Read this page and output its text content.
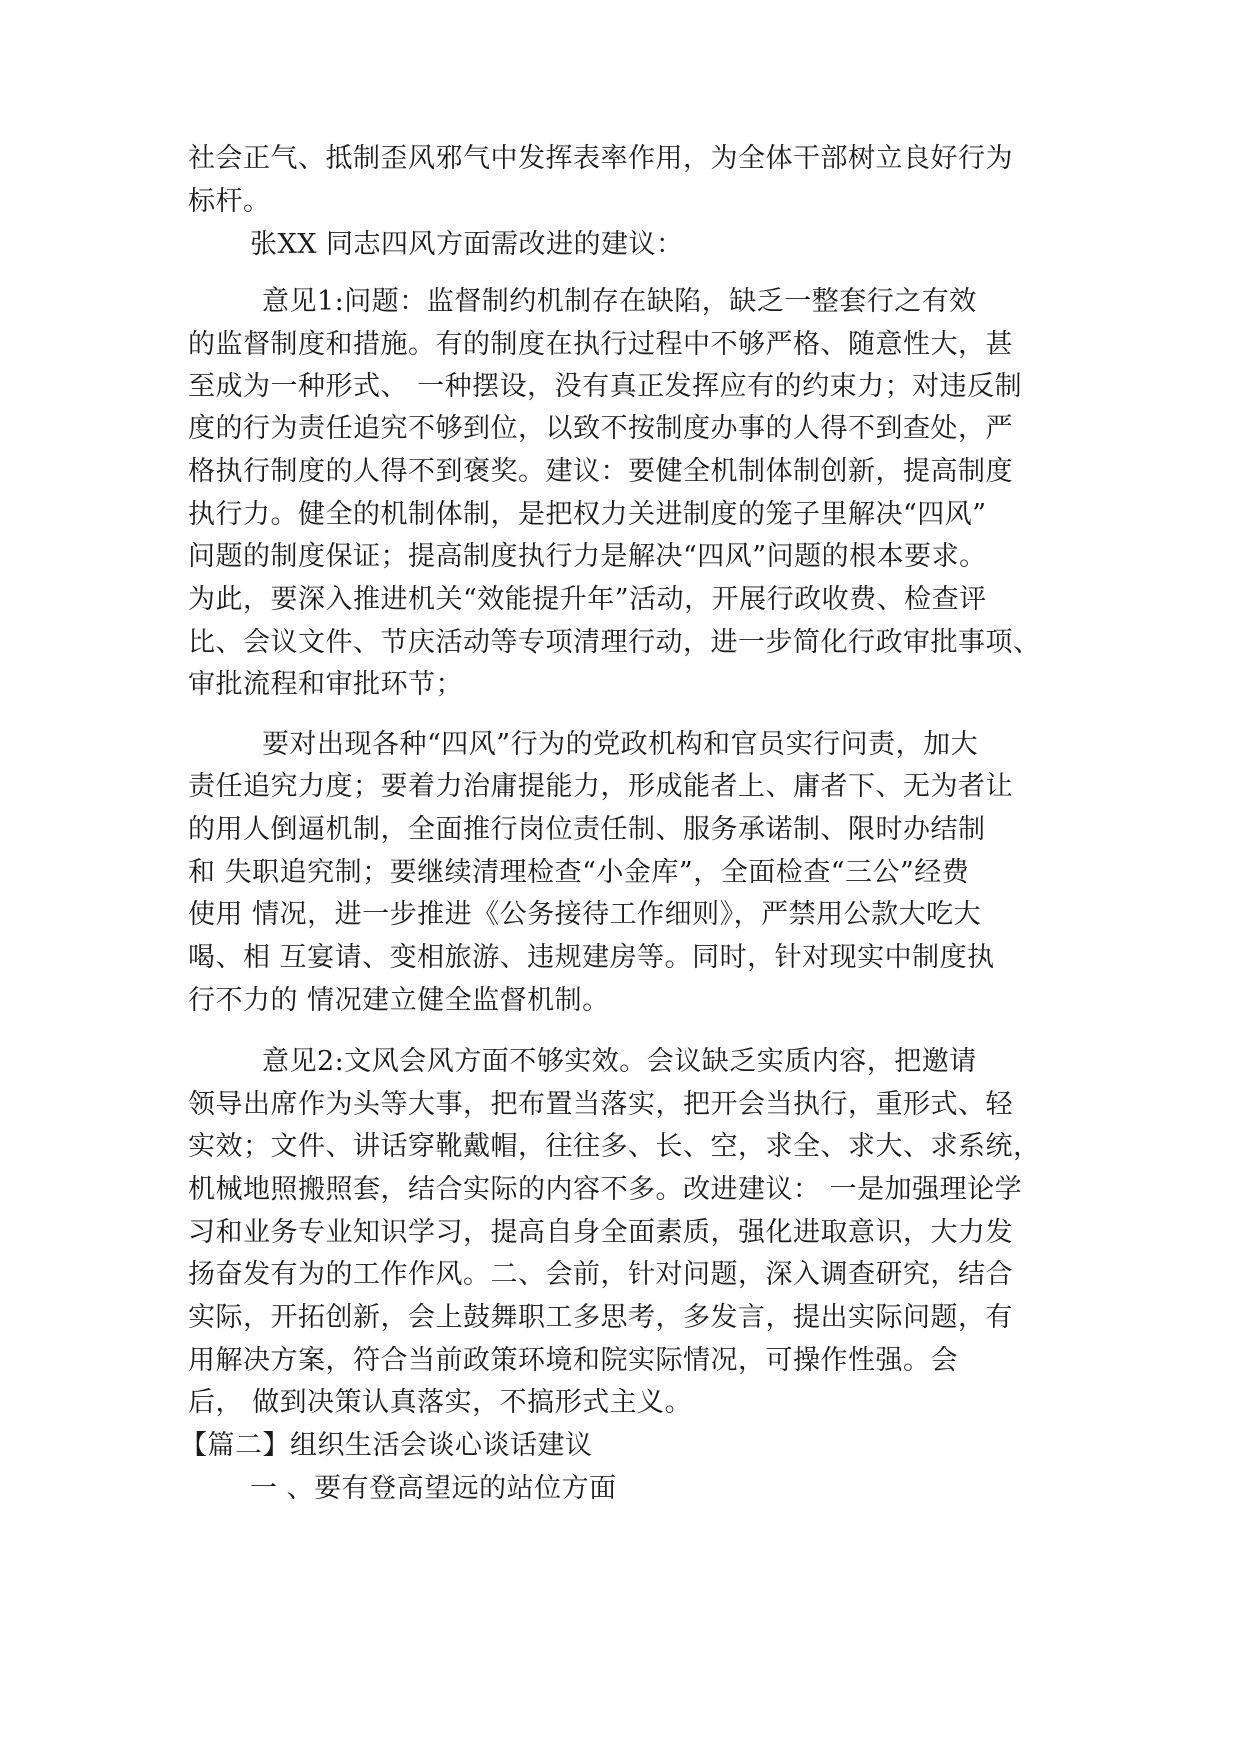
社会正气、抵制歪风邪气中发挥表率作用，为全体干部树立良好行为
标杆。
张XX 同志四风方面需改进的建议：
意见1:问题：监督制约机制存在缺陷，缺乏一整套行之有效
的监督制度和措施。有的制度在执行过程中不够严格、随意性大，甚
至成为一种形式、 一种摆设，没有真正发挥应有的约束力；对违反制
度的行为责任追究不够到位，以致不按制度办事的人得不到查处，严
格执行制度的人得不到褒奖。建议：要健全机制体制创新，提高制度
执行力。健全的机制体制，是把权力关进制度的笼子里解决“四风”
问题的制度保证；提高制度执行力是解决“四风”问题的根本要求。
为此，要深入推进机关“效能提升年”活动，开展行政收费、检查评
比、会议文件、节庆活动等专项清理行动，进一步简化行政审批事项、
审批流程和审批环节；
要对出现各种“四风”行为的党政机构和官员实行问责，加大
责任追究力度；要着力治庸提能力，形成能者上、庸者下、无为者让
的用人倒逼机制，全面推行岗位责任制、服务承诺制、限时办结制
和 失职追究制；要继续清理检查“小金库”，全面检查“三公”经费
使用 情况，进一步推进《公务接待工作细则》，严禁用公款大吃大
喝、相 互宴请、变相旅游、违规建房等。同时，针对现实中制度执
行不力的 情况建立健全监督机制。
意见2:文风会风方面不够实效。会议缺乏实质内容，把邀请
领导出席作为头等大事，把布置当落实，把开会当执行，重形式、轻
实效；文件、讲话穿靴戴帽，往往多、长、空，求全、求大、求系统，
机械地照搬照套，结合实际的内容不多。改进建议： 一是加强理论学
习和业务专业知识学习，提高自身全面素质，强化进取意识，大力发
扬奋发有为的工作作风。二、会前，针对问题，深入调查研究，结合
实际，开拓创新，会上鼓舞职工多思考，多发言，提出实际问题，有
用解决方案，符合当前政策环境和院实际情况，可操作性强。会
后， 做到决策认真落实，不搞形式主义。
【篇二】组织生活会谈心谈话建议
一 、要有登高望远的站位方面
